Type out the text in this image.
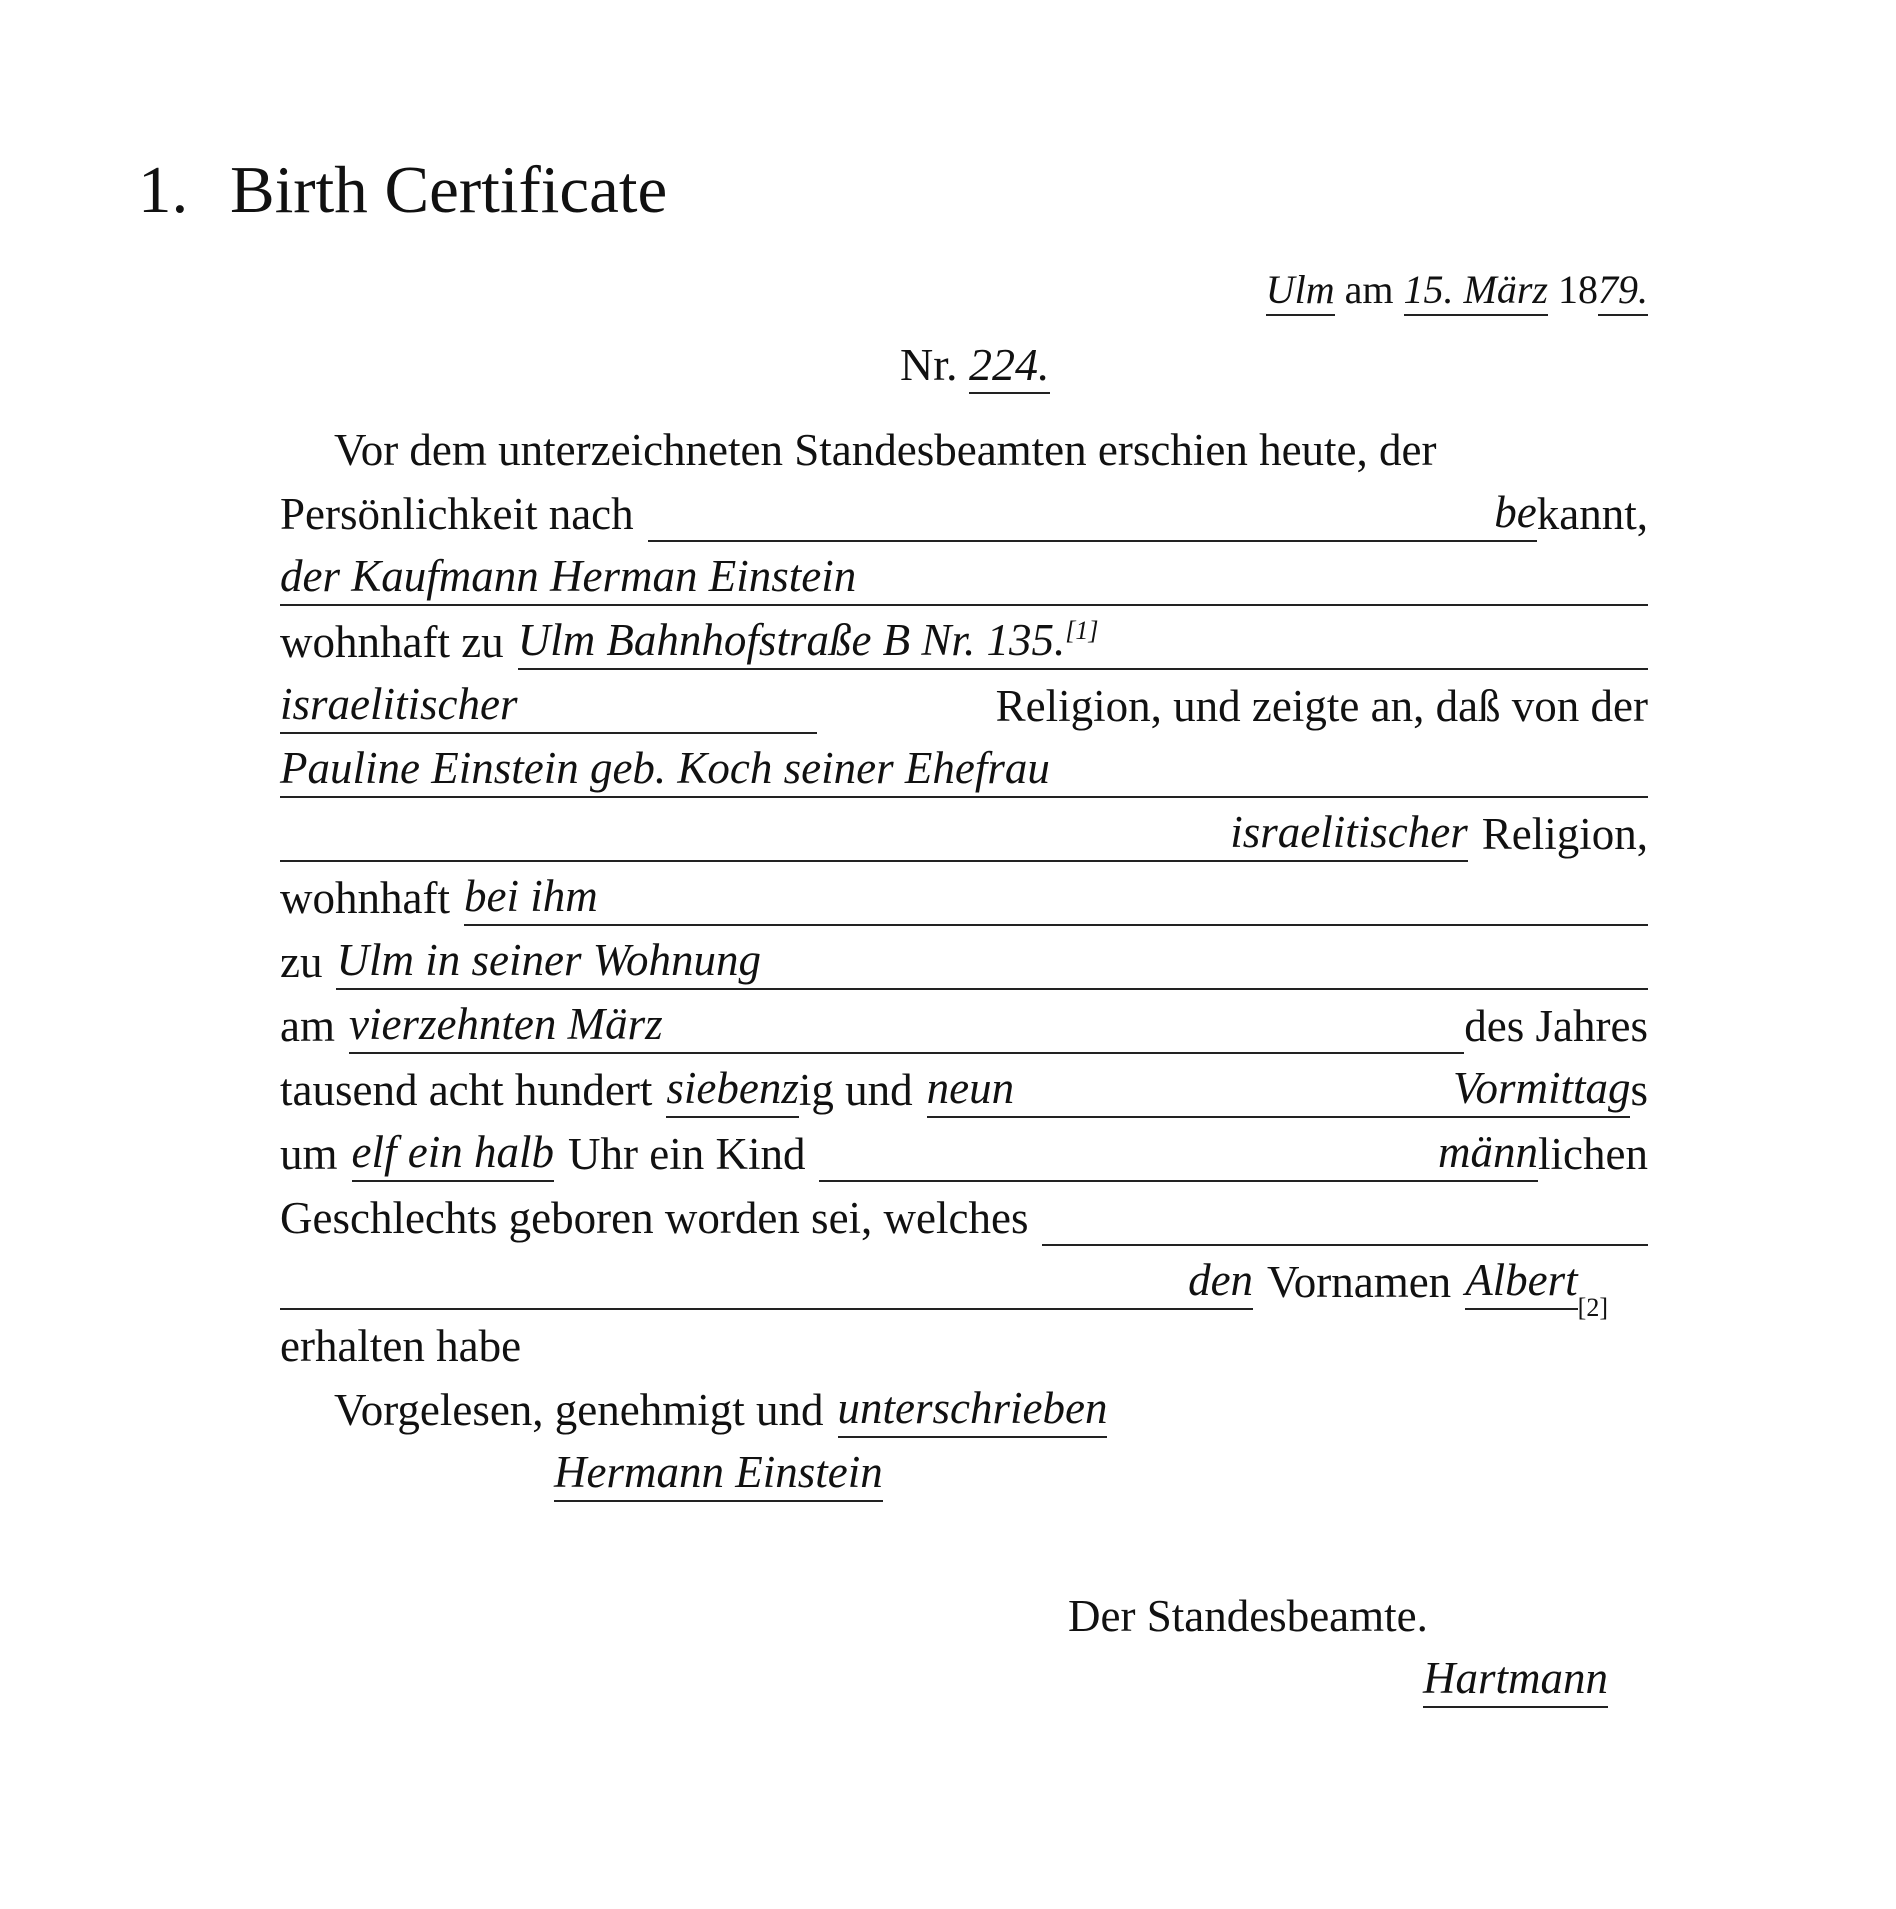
1. Birth Certificate
Ulm am 15. März 1879.
Nr. 224.
Vor dem unterzeichneten Standesbeamten erschien heute, der
Persönlichkeit nach	be kannt,
der Kaufmann Herman Einstein
wohnhaft zu Ulm Bahnhofstraße B Nr. 135.[1]
israelitischer	Religion, und zeigte an, daß von der
Pauline Einstein geb. Koch seiner Ehefrau
israelitischer Religion,
wohnhaft bei ihm
zu Ulm in seiner Wohnung
am vierzehnten März	des Jahres
tausend acht hundert siebenz ig und neun	Vormittag s
um elf ein halb Uhr ein Kind	männ lichen
Geschlechts geboren worden sei, welches
den Vornamen Albert
[2]
erhalten habe
Vorgelesen, genehmigt und unterschrieben
Hermann Einstein
Der Standesbeamte.
Hartmann
